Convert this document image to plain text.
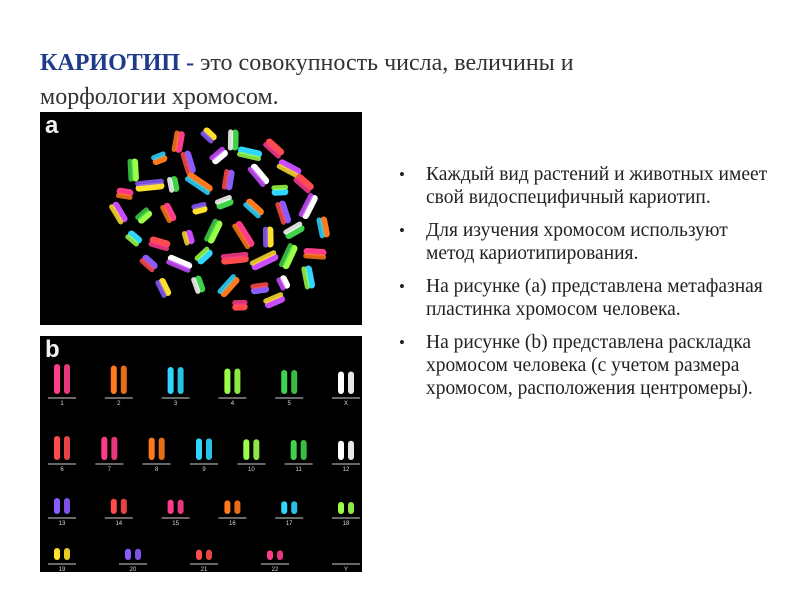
КАРИОТИП - это совокупность числа, величины и морфологии хромосом.
a
1	2	3	4	5	X
6	7	8	9	10	11	12
13	14	15	16	17	18
19	20	21	22	Y
b
• Каждый вид растений и животных имеет свой видоспецифичный кариотип.
• Для изучения хромосом используют метод кариотипирования.
• На рисунке (а) представлена метафазная пластинка хромосом человека.
• На рисунке (b) представлена раскладка хромосом человека (с учетом размера хромосом, расположения центромеры).
